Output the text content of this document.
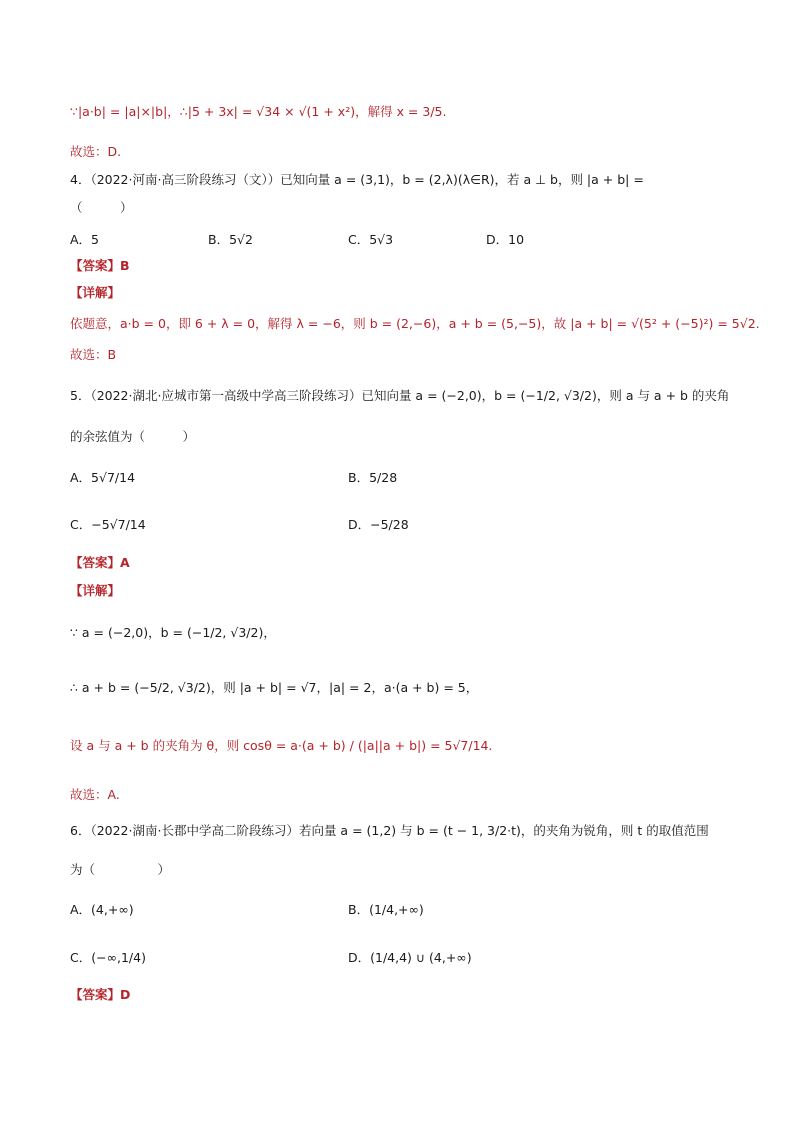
∵|a·b| = |a|×|b|，∴|5 + 3x| = √34 × √(1 + x²)，解得 x = 3/5.
故选：D.
4．（2022·河南·高三阶段练习（文））已知向量 a = (3,1)，b = (2,λ)(λ∈R)，若 a ⊥ b，则 |a + b| =
（　　　）
A．5	B．5√2	C．5√3	D．10
【答案】B
【详解】
依题意，a·b = 0，即 6 + λ = 0，解得 λ = −6，则 b = (2,−6)，a + b = (5,−5)，故 |a + b| = √(5² + (−5)²) = 5√2.
故选：B
5．（2022·湖北·应城市第一高级中学高三阶段练习）已知向量 a = (−2,0)，b = (−1/2, √3/2)，则 a 与 a + b 的夹角
的余弦值为（　　　）
A．5√7/14	B．5/28
C．−5√7/14	D．−5/28
【答案】A
【详解】
∵ a = (−2,0)，b = (−1/2, √3/2)，
∴ a + b = (−5/2, √3/2)，则 |a + b| = √7，|a| = 2，a·(a + b) = 5，
设 a 与 a + b 的夹角为 θ，则 cosθ = a·(a + b) / (|a||a + b|) = 5√7/14.
故选：A.
6．（2022·湖南·长郡中学高二阶段练习）若向量 a = (1,2) 与 b = (t − 1, 3/2·t)，的夹角为锐角，则 t 的取值范围
为（　　　　　）
A．(4,+∞)	B．(1/4,+∞)
C．(−∞,1/4)	D．(1/4,4) ∪ (4,+∞)
【答案】D
